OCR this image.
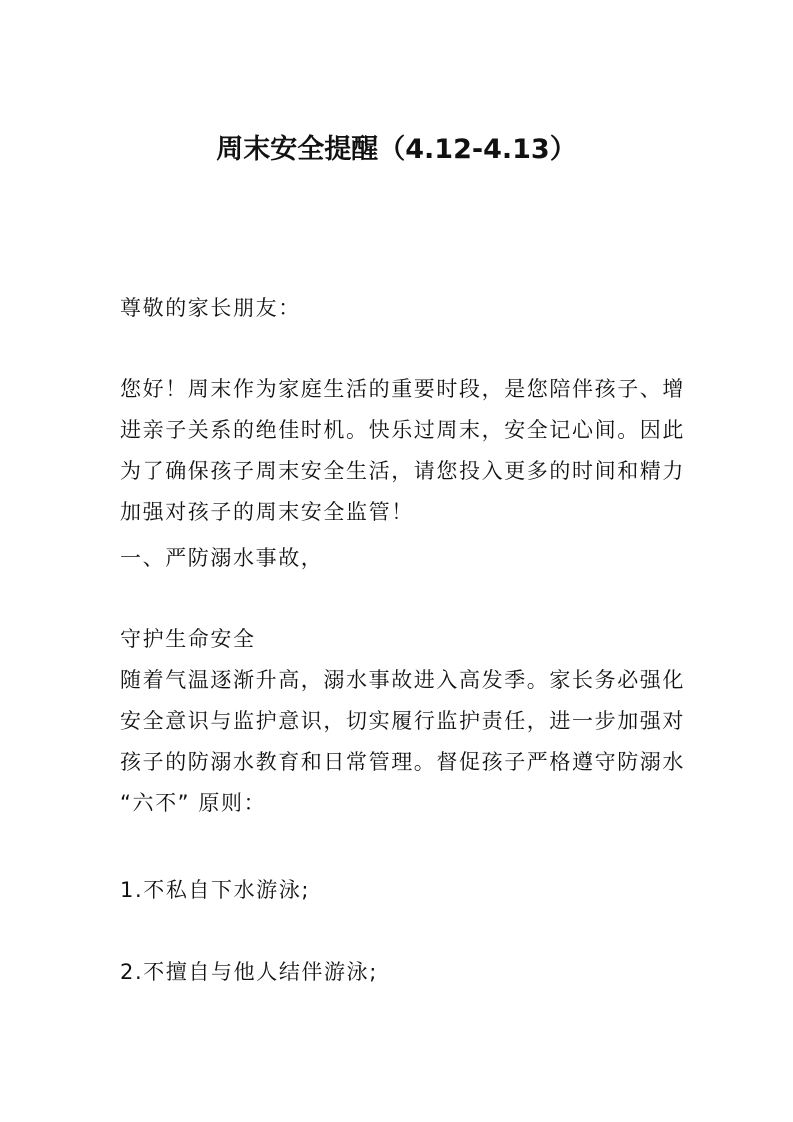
周末安全提醒（4.12-4.13）
尊敬的家长朋友：
您好！周末作为家庭生活的重要时段，是您陪伴孩子、增
进亲子关系的绝佳时机。快乐过周末，安全记心间。因此
为了确保孩子周末安全生活，请您投入更多的时间和精力
加强对孩子的周末安全监管！
一、严防溺水事故，
守护生命安全
随着气温逐渐升高，溺水事故进入高发季。家长务必强化
安全意识与监护意识，切实履行监护责任，进一步加强对
孩子的防溺水教育和日常管理。督促孩子严格遵守防溺水
“六不” 原则：
1.不私自下水游泳;
2.不擅自与他人结伴游泳;
